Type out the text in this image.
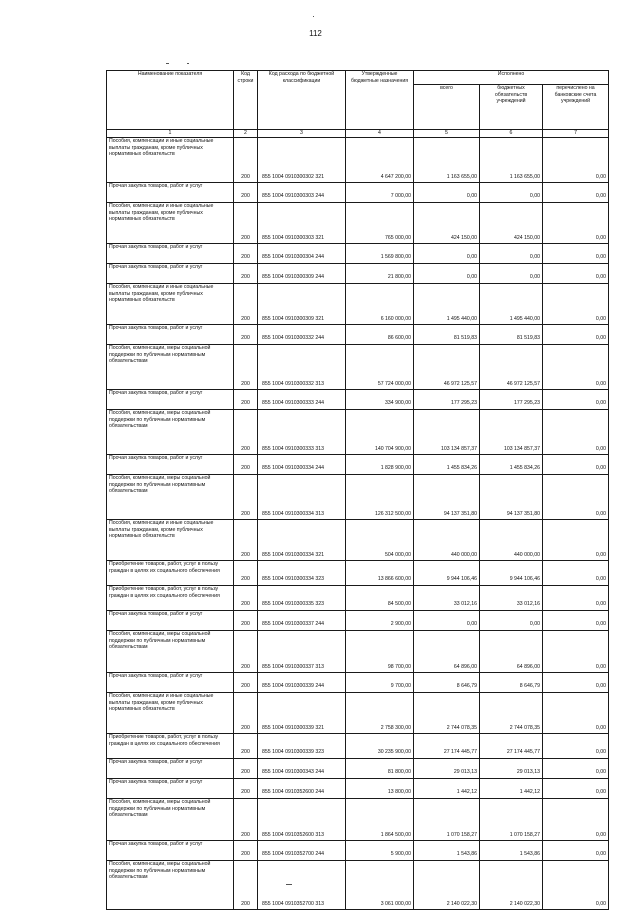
112
Наименование показателя	Код строки	Код расхода по бюджетной классификации	Утвержденные бюджетные назначения	Исполнено		
				всего	бюджетных обязательств учреждений	перечислено на банковские счета учреждений
1	2	3	4	5	6	7
Пособия, компенсации и иные социальные выплаты гражданам, кроме публичных нормативных обязательств						
	200	855 1004 0910300302 321	4 647 200,00	1 163 655,00	1 163 655,00	0,00
Прочая закупка товаров, работ и услуг						
	200	855 1004 0910300303 244	7 000,00	0,00	0,00	0,00
Пособия, компенсации и иные социальные выплаты гражданам, кроме публичных нормативных обязательств						
	200	855 1004 0910300303 321	765 000,00	424 150,00	424 150,00	0,00
Прочая закупка товаров, работ и услуг						
	200	855 1004 0910300304 244	1 569 800,00	0,00	0,00	0,00
Прочая закупка товаров, работ и услуг						
	200	855 1004 0910300309 244	21 800,00	0,00	0,00	0,00
Пособия, компенсации и иные социальные выплаты гражданам, кроме публичных нормативных обязательств						
	200	855 1004 0910300309 321	6 160 000,00	1 495 440,00	1 495 440,00	0,00
Прочая закупка товаров, работ и услуг						
	200	855 1004 0910300332 244	86 600,00	81 519,83	81 519,83	0,00
Пособия, компенсации, меры социальной поддержки по публичным нормативным обязательствам						
	200	855 1004 0910300332 313	57 724 000,00	46 972 125,57	46 972 125,57	0,00
Прочая закупка товаров, работ и услуг						
	200	855 1004 0910300333 244	334 900,00	177 295,23	177 295,23	0,00
Пособия, компенсации, меры социальной поддержки по публичным нормативным обязательствам						
	200	855 1004 0910300333 313	140 704 900,00	103 134 857,37	103 134 857,37	0,00
Прочая закупка товаров, работ и услуг						
	200	855 1004 0910300334 244	1 828 900,00	1 455 834,26	1 455 834,26	0,00
Пособия, компенсации, меры социальной поддержки по публичным нормативным обязательствам						
	200	855 1004 0910300334 313	126 312 500,00	94 137 351,80	94 137 351,80	0,00
Пособия, компенсации и иные социальные выплаты гражданам, кроме публичных нормативных обязательств						
	200	855 1004 0910300334 321	504 000,00	440 000,00	440 000,00	0,00
Приобретение товаров, работ, услуг в пользу граждан в целях их социального обеспечения						
	200	855 1004 0910300334 323	13 866 600,00	9 944 106,46	9 944 106,46	0,00
Приобретение товаров, работ, услуг в пользу граждан в целях их социального обеспечения						
	200	855 1004 0910300335 323	84 500,00	33 012,16	33 012,16	0,00
Прочая закупка товаров, работ и услуг						
	200	855 1004 0910300337 244	2 900,00	0,00	0,00	0,00
Пособия, компенсации, меры социальной поддержки по публичным нормативным обязательствам						
	200	855 1004 0910300337 313	98 700,00	64 896,00	64 896,00	0,00
Прочая закупка товаров, работ и услуг						
	200	855 1004 0910300339 244	9 700,00	8 646,79	8 646,79	0,00
Пособия, компенсации и иные социальные выплаты гражданам, кроме публичных нормативных обязательств						
	200	855 1004 0910300339 321	2 758 300,00	2 744 078,35	2 744 078,35	0,00
Приобретение товаров, работ, услуг в пользу граждан в целях их социального обеспечения						
	200	855 1004 0910300339 323	30 235 900,00	27 174 445,77	27 174 445,77	0,00
Прочая закупка товаров, работ и услуг						
	200	855 1004 0910300343 244	81 800,00	29 013,13	29 013,13	0,00
Прочая закупка товаров, работ и услуг						
	200	855 1004 0910352600 244	13 800,00	1 442,12	1 442,12	0,00
Пособия, компенсации, меры социальной поддержки по публичным нормативным обязательствам						
	200	855 1004 0910352600 313	1 864 500,00	1 070 158,27	1 070 158,27	0,00
Прочая закупка товаров, работ и услуг						
	200	855 1004 0910352700 244	5 900,00	1 543,86	1 543,86	0,00
Пособия, компенсации, меры социальной поддержки по публичным нормативным обязательствам						
	200	855 1004 0910352700 313	3 061 000,00	2 140 022,30	2 140 022,30	0,00
